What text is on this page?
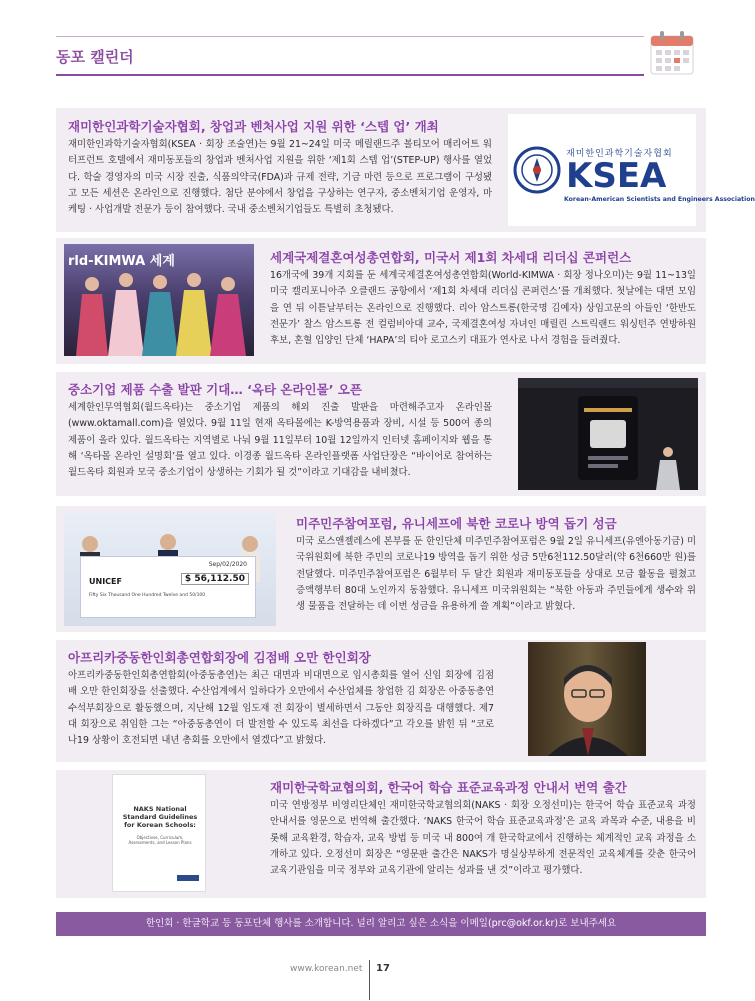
동포 캘린더
재미한인과학기술자협회, 창업과 벤처사업 지원 위한 ‘스텝 업’ 개최

재미한인과학기술자협회(KSEA · 회장 조술연)는 9월 21~24일 미국 메릴랜드주 볼티모어 매리어트 워터프런트 호텔에서 재미동포들의 창업과 벤처사업 지원을 위한 ‘제1회 스텝 업’(STEP-UP) 행사를 열었다. 학술 경영자의 미국 시장 진출, 식품의약국(FDA)과 규제 전략, 기금 마련 등으로 프로그램이 구성됐고 모든 세션은 온라인으로 진행했다. 첨단 분야에서 창업을 구상하는 연구자, 중소벤처기업 운영자, 마케팅 · 사업개발 전문가 등이 참여했다. 국내 중소벤처기업들도 특별히 초청됐다.

재미한인과학기술자협회
KSEA
Korean-American Scientists and Engineers Association
rld-KIMWA 세계	세계국제결혼여성총연합회, 미국서 제1회 차세대 리더십 콘퍼런스

16개국에 39개 지회를 둔 세계국제결혼여성총연합회(World-KIMWA · 회장 정나오미)는 9월 11~13일 미국 캘리포니아주 오클랜드 공항에서 ‘제1회 차세대 리더십 콘퍼런스’를 개최했다. 첫날에는 대면 모임을 연 뒤 이튿날부터는 온라인으로 진행했다. 리아 암스트롱(한국명 김예자) 상임고문의 아들인 ‘한반도 전문가’ 찰스 암스트롱 전 컬럼비아대 교수, 국제결혼여성 자녀인 매릴린 스트릭랜드 워싱턴주 연방하원 후보, 혼혈 입양인 단체 ‘HAPA’의 티아 로고스키 대표가 연사로 나서 경험을 들려줬다.

중소기업 제품 수출 발판 기대… ‘옥타 온라인몰’ 오픈

세계한인무역협회(월드옥타)는 중소기업 제품의 해외 진출 발판을 마련해주고자 온라인몰(www.oktamall.com)을 열었다. 9월 11일 현재 옥타몰에는 K-방역용품과 장비, 시설 등 500여 종의 제품이 올라 있다. 월드옥타는 지역별로 나눠 9월 11일부터 10월 12일까지 인터넷 홈페이지와 웹을 통해 ‘옥타몰 온라인 설명회’를 열고 있다. 이경종 월드옥타 온라인플랫폼 사업단장은 “바이어로 참여하는 월드옥타 회원과 모국 중소기업이 상생하는 기회가 될 것”이라고 기대감을 내비쳤다.

Sep/02/2020
UNICEF	$ 56,112.50
Fifty Six Thousand One Hundred Twelve and 50/100
미주민주참여포럼, 유니세프에 북한 코로나 방역 돕기 성금

미국 로스앤젤레스에 본부를 둔 한인단체 미주민주참여포럼은 9월 2일 유니세프(유엔아동기금) 미국위원회에 북한 주민의 코로나19 방역을 돕기 위한 성금 5만6천112.50달러(약 6천660만 원)를 전달했다. 미주민주참여포럼은 6월부터 두 달간 회원과 재미동포들을 상대로 모금 활동을 펼쳤고 증액행부터 80대 노인까지 동참했다. 유니세프 미국위원회는 “북한 아동과 주민들에게 생수와 위생 물품을 전달하는 데 이번 성금을 유용하게 쓸 계획”이라고 밝혔다.

아프리카중동한인회총연합회장에 김점배 오만 한인회장

아프리카중동한인회총연합회(아중동총연)는 최근 대면과 비대면으로 임시총회를 열어 신임 회장에 김점배 오만 한인회장을 선출했다. 수산업계에서 일하다가 오만에서 수산업체를 창업한 김 회장은 아중동총연 수석부회장으로 활동했으며, 지난해 12월 임도재 전 회장이 별세하면서 그동안 회장직을 대행했다. 제7대 회장으로 취임한 그는 “아중동총연이 더 발전할 수 있도록 최선을 다하겠다”고 각오를 밝힌 뒤 “코로나19 상황이 호전되면 내년 총회를 오만에서 열겠다”고 밝혔다.

NAKS National Standard Guidelines for Korean Schools:
Objectives, Curriculum, Assessments, and Lesson Plans
재미한국학교협의회, 한국어 학습 표준교육과정 안내서 번역 출간

미국 연방정부 비영리단체인 재미한국학교협의회(NAKS · 회장 오정선미)는 한국어 학습 표준교육 과정 안내서를 영문으로 번역해 출간했다. ‘NAKS 한국어 학습 표준교육과정’은 교육 과목과 수준, 내용을 비롯해 교육환경, 학습자, 교육 방법 등 미국 내 800여 개 한국학교에서 진행하는 체계적인 교육 과정을 소개하고 있다. 오정선미 회장은 “영문판 출간은 NAKS가 명실상부하게 전문적인 교육체계를 갖춘 한국어 교육기관임을 미국 정부와 교육기관에 알리는 성과를 낸 것”이라고 평가했다.

한인회 · 한글학교 등 동포단체 행사를 소개합니다. 널리 알리고 싶은 소식을 이메일(prc@okf.or.kr)로 보내주세요
www.korean.net 17
